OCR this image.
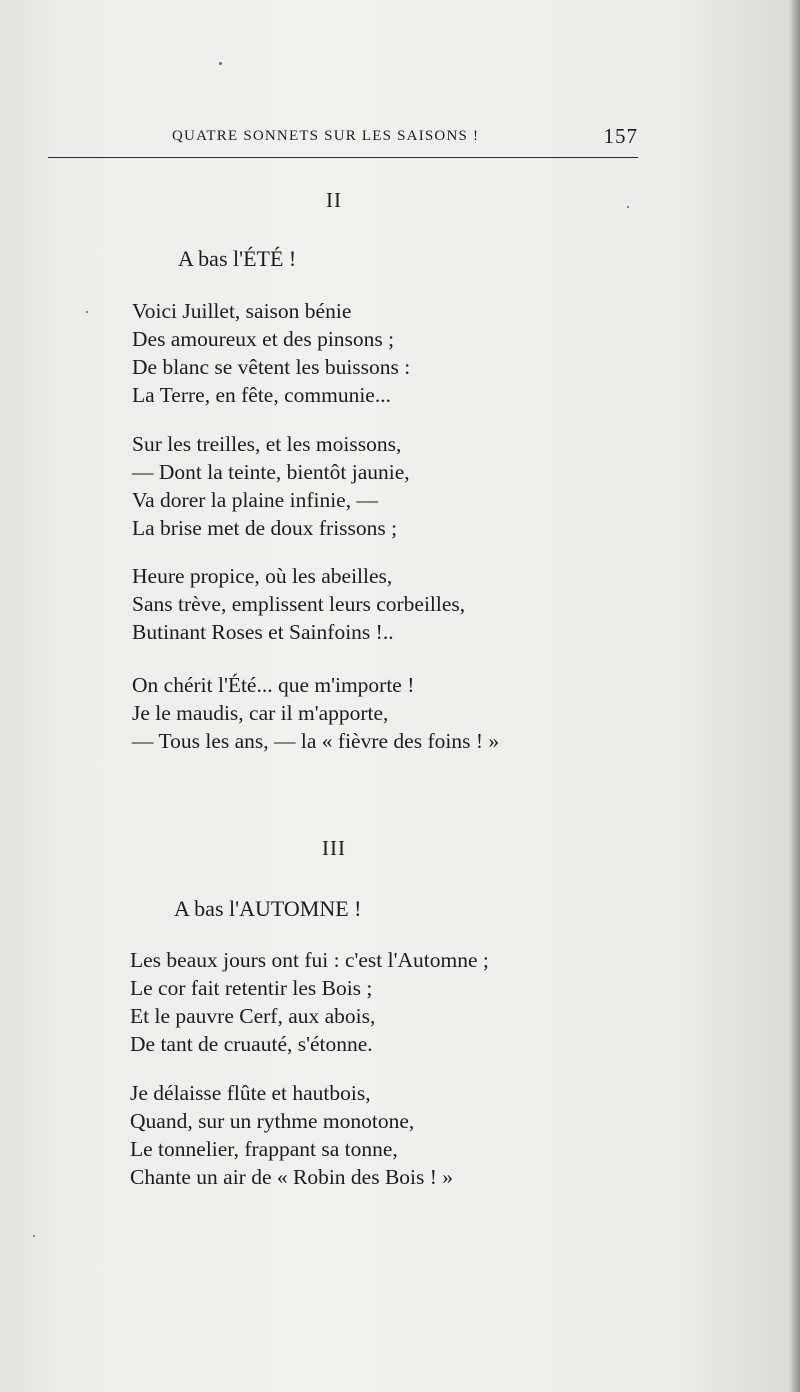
QUATRE SONNETS SUR LES SAISONS !	157
II
A bas l'ÉTÉ !
Voici Juillet, saison bénie
Des amoureux et des pinsons ;
De blanc se vêtent les buissons :
La Terre, en fête, communie...
Sur les treilles, et les moissons,
— Dont la teinte, bientôt jaunie,
Va dorer la plaine infinie, —
La brise met de doux frissons ;
Heure propice, où les abeilles,
Sans trève, emplissent leurs corbeilles,
Butinant Roses et Sainfoins !..
On chérit l'Été... que m'importe !
Je le maudis, car il m'apporte,
— Tous les ans, — la « fièvre des foins ! »
III
A bas l'AUTOMNE !
Les beaux jours ont fui : c'est l'Automne ;
Le cor fait retentir les Bois ;
Et le pauvre Cerf, aux abois,
De tant de cruauté, s'étonne.
Je délaisse flûte et hautbois,
Quand, sur un rythme monotone,
Le tonnelier, frappant sa tonne,
Chante un air de « Robin des Bois ! »
